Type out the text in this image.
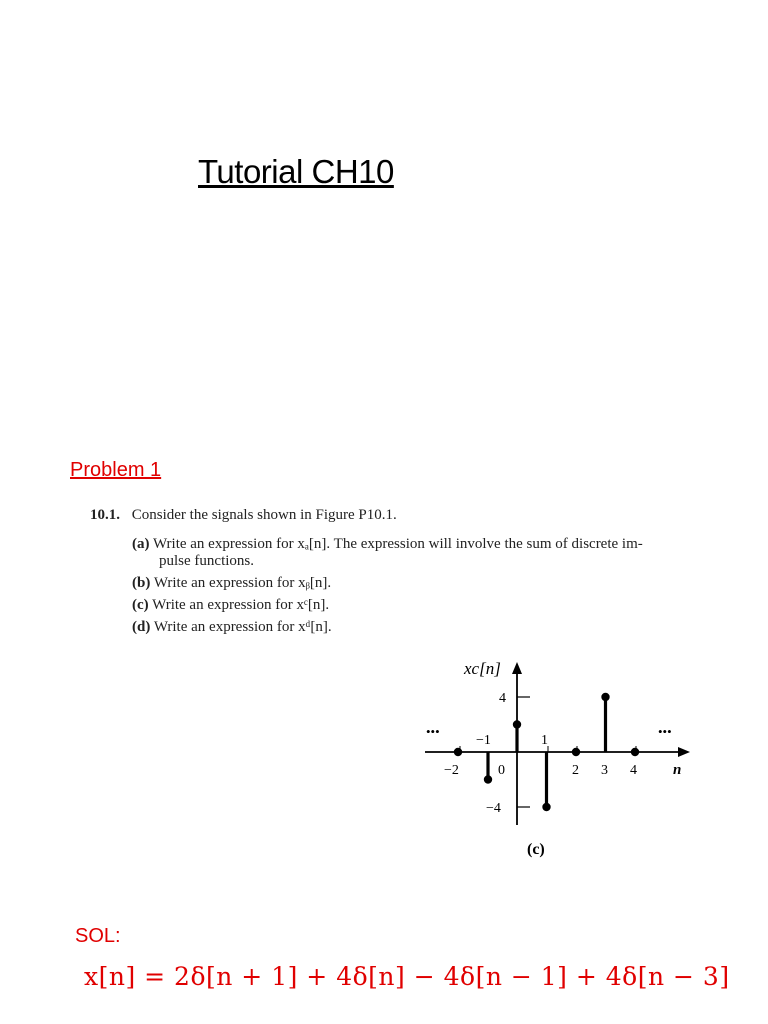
Tutorial CH10
Problem 1
10.1. Consider the signals shown in Figure P10.1.
(a) Write an expression for xₐ[n]. The expression will involve the sum of discrete im-
pulse functions.
(b) Write an expression for xᵦ[n].
(c) Write an expression for xᶜ[n].
(d) Write an expression for xᵈ[n].
xc[n]
4
−4
−1	1
−2	0	2 3 4 n
•••	•••
(c)
SOL:
x[n] = 2δ[n + 1] + 4δ[n] − 4δ[n − 1] + 4δ[n − 3]
